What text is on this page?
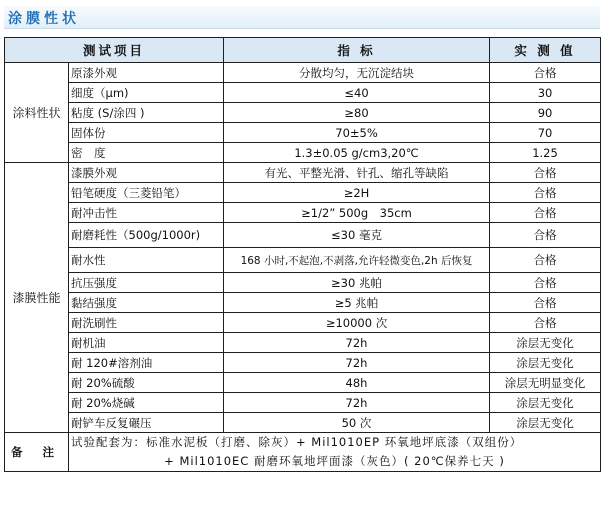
涂膜性状
测试项目		指 标	实 测 值
涂料性状	原漆外观	分散均匀，无沉淀结块	合格
	细度（μm)	≤40	30
	粘度 (S/涂四 )	≥80	90
	固体份	70±5%	70
	密　度	1.3±0.05 g/cm3,20℃	1.25
漆膜性能	漆膜外观	有光、平整光滑、针孔、缩孔等缺陷	合格
	铅笔硬度（三菱铅笔）	≥2H	合格
	耐冲击性	≥1/2” 500g　35cm	合格
	耐磨耗性（500g/1000r)	≤30 毫克	合格
	耐水性	168 小时,不起泡,不剥落,允许轻微变色,2h 后恢复	合格
	抗压强度	≥30 兆帕	合格
	黏结强度	≥5 兆帕	合格
	耐洗刷性	≥10000 次	合格
	耐机油	72h	涂层无变化
	耐 120#溶剂油	72h	涂层无变化
	耐 20%硫酸	48h	涂层无明显变化
	耐 20%烧碱	72h	涂层无变化
	耐铲车反复碾压	50 次	涂层无变化
备 注	试验配套为：标准水泥板（打磨、除灰）+ Mil1010EP 环氧地坪底漆（双组份）

+ Mil1010EC 耐磨环氧地坪面漆（灰色）( 20℃保养七天 )		
